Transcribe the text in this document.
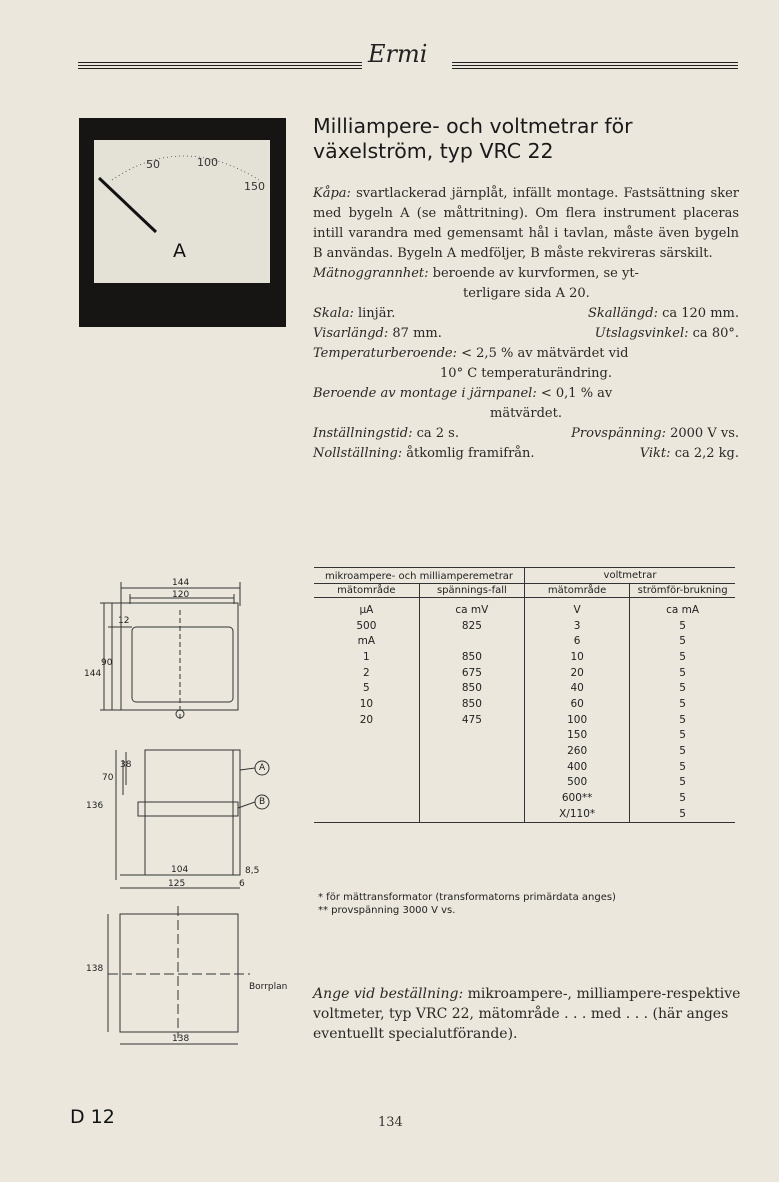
Ermi
50	100
150
A
Milliampere- och voltmetrar för växelström, typ VRC 22

Kåpa: svartlackerad järnplåt, infällt montage. Fastsättning sker med bygeln A (se måttritning). Om flera instrument placeras intill varandra med gemensamt hål i tavlan, måste även bygeln B användas. Bygeln A medföljer, B måste rekvireras särskilt.

Mätnoggrannhet: beroende av kurvformen, se yt-

terligare sida A 20.

Skala: linjär.	Skallängd: ca 120 mm.
Visarlängd: 87 mm.	Utslagsvinkel: ca 80°.

Temperaturberoende: < 2,5 % av mätvärdet vid

10° C temperaturändring.

Beroende av montage i järnpanel: < 0,1 % av

mätvärdet.

Inställningstid: ca 2 s.	Provspänning: 2000 V vs.
Nollställning: åtkomlig framifrån.	Vikt: ca 2,2 kg.
mikroampere- och milliamperemetrar		voltmetrar	
mätområde	spännings-fall	mätområde	strömför-brukning
µA	ca mV	V	ca mA
500	825	3	5
mA		6	5
1	850	10	5
2	675	20	5
5	850	40	5
10	850	60	5
20	475	100	5
		150	5
		260	5
		400	5
		500	5
		600**	5
		X/110*	5
* för mättransformator (transformatorns primärdata anges)
** provspänning 3000 V vs.
Ange vid beställning: mikroampere-, milliampere-respektive voltmeter, typ VRC 22, mätområde . . . med . . . (här anges eventuellt specialutförande).
144
120
12
90
144
38
70
136
A
B
104
125
8,5
6
138
138
Borrplan
134
D 12
